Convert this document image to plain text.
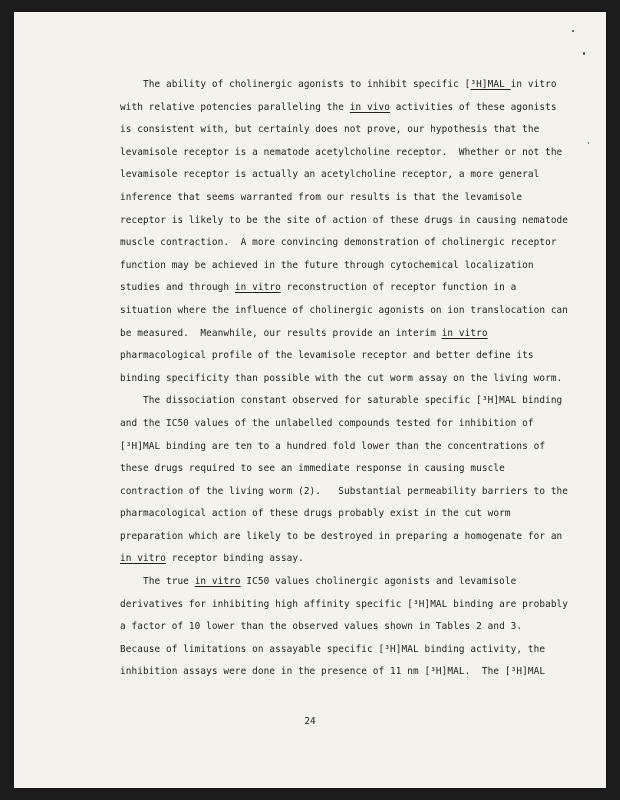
The ability of cholinergic agonists to inhibit specific [³H]MAL in vitro
with relative potencies paralleling the in vivo activities of these agonists
is consistent with, but certainly does not prove, our hypothesis that the
levamisole receptor is a nematode acetylcholine receptor.  Whether or not the
levamisole receptor is actually an acetylcholine receptor, a more general
inference that seems warranted from our results is that the levamisole
receptor is likely to be the site of action of these drugs in causing nematode
muscle contraction.  A more convincing demonstration of cholinergic receptor
function may be achieved in the future through cytochemical localization
studies and through in vitro reconstruction of receptor function in a
situation where the influence of cholinergic agonists on ion translocation can
be measured.  Meanwhile, our results provide an interim in vitro
pharmacological profile of the levamisole receptor and better define its
binding specificity than possible with the cut worm assay on the living worm.
The dissociation constant observed for saturable specific [³H]MAL binding
and the IC50 values of the unlabelled compounds tested for inhibition of
[³H]MAL binding are ten to a hundred fold lower than the concentrations of
these drugs required to see an immediate response in causing muscle
contraction of the living worm (2).   Substantial permeability barriers to the
pharmacological action of these drugs probably exist in the cut worm
preparation which are likely to be destroyed in preparing a homogenate for an
in vitro receptor binding assay.
The true in vitro IC50 values cholinergic agonists and levamisole
derivatives for inhibiting high affinity specific [³H]MAL binding are probably
a factor of 10 lower than the observed values shown in Tables 2 and 3.
Because of limitations on assayable specific [³H]MAL binding activity, the
inhibition assays were done in the presence of 11 nm [³H]MAL.  The [³H]MAL
24
